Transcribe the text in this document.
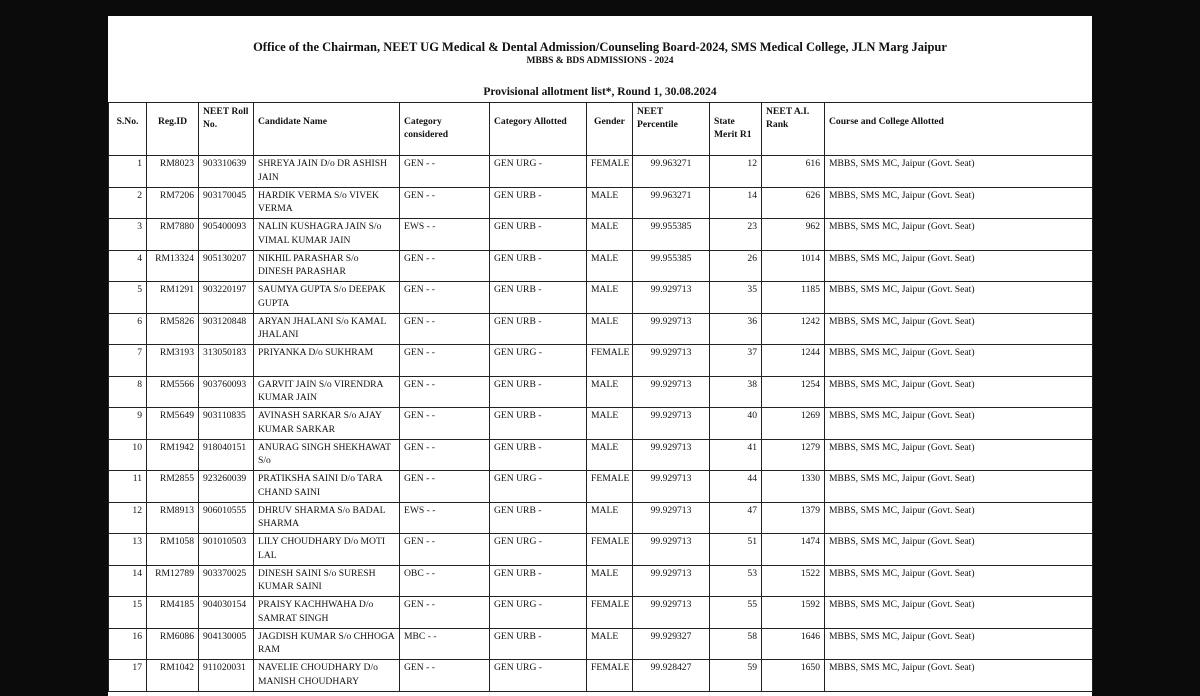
Office of the Chairman, NEET UG Medical & Dental Admission/Counseling Board-2024, SMS Medical College, JLN Marg Jaipur
MBBS & BDS ADMISSIONS - 2024
Provisional allotment list*, Round 1, 30.08.2024
S.No.	Reg.ID	NEET Roll No.	Candidate Name	Category considered	Category Allotted	Gender	NEET Percentile	State Merit R1	NEET A.I. Rank	Course and College Allotted
1	RM8023	903310639	SHREYA JAIN D/o DR ASHISH JAIN	GEN - -	GEN URG -	FEMALE	99.963271	12	616	MBBS, SMS MC, Jaipur (Govt. Seat)
2	RM7206	903170045	HARDIK VERMA S/o VIVEK VERMA	GEN - -	GEN URB -	MALE	99.963271	14	626	MBBS, SMS MC, Jaipur (Govt. Seat)
3	RM7880	905400093	NALIN KUSHAGRA JAIN S/o VIMAL KUMAR JAIN	EWS - -	GEN URB -	MALE	99.955385	23	962	MBBS, SMS MC, Jaipur (Govt. Seat)
4	RM13324	905130207	NIKHIL PARASHAR S/o DINESH PARASHAR	GEN - -	GEN URB -	MALE	99.955385	26	1014	MBBS, SMS MC, Jaipur (Govt. Seat)
5	RM1291	903220197	SAUMYA GUPTA S/o DEEPAK GUPTA	GEN - -	GEN URB -	MALE	99.929713	35	1185	MBBS, SMS MC, Jaipur (Govt. Seat)
6	RM5826	903120848	ARYAN JHALANI S/o KAMAL JHALANI	GEN - -	GEN URB -	MALE	99.929713	36	1242	MBBS, SMS MC, Jaipur (Govt. Seat)
7	RM3193	313050183	PRIYANKA D/o SUKHRAM	GEN - -	GEN URG -	FEMALE	99.929713	37	1244	MBBS, SMS MC, Jaipur (Govt. Seat)
8	RM5566	903760093	GARVIT JAIN S/o VIRENDRA KUMAR JAIN	GEN - -	GEN URB -	MALE	99.929713	38	1254	MBBS, SMS MC, Jaipur (Govt. Seat)
9	RM5649	903110835	AVINASH SARKAR S/o AJAY KUMAR SARKAR	GEN - -	GEN URB -	MALE	99.929713	40	1269	MBBS, SMS MC, Jaipur (Govt. Seat)
10	RM1942	918040151	ANURAG SINGH SHEKHAWAT S/o	GEN - -	GEN URB -	MALE	99.929713	41	1279	MBBS, SMS MC, Jaipur (Govt. Seat)
11	RM2855	923260039	PRATIKSHA SAINI D/o TARA CHAND SAINI	GEN - -	GEN URG -	FEMALE	99.929713	44	1330	MBBS, SMS MC, Jaipur (Govt. Seat)
12	RM8913	906010555	DHRUV SHARMA S/o BADAL SHARMA	EWS - -	GEN URB -	MALE	99.929713	47	1379	MBBS, SMS MC, Jaipur (Govt. Seat)
13	RM1058	901010503	LILY CHOUDHARY D/o MOTI LAL	GEN - -	GEN URG -	FEMALE	99.929713	51	1474	MBBS, SMS MC, Jaipur (Govt. Seat)
14	RM12789	903370025	DINESH SAINI S/o SURESH KUMAR SAINI	OBC - -	GEN URB -	MALE	99.929713	53	1522	MBBS, SMS MC, Jaipur (Govt. Seat)
15	RM4185	904030154	PRAISY KACHHWAHA D/o SAMRAT SINGH	GEN - -	GEN URG -	FEMALE	99.929713	55	1592	MBBS, SMS MC, Jaipur (Govt. Seat)
16	RM6086	904130005	JAGDISH KUMAR S/o CHHOGA RAM	MBC - -	GEN URB -	MALE	99.929327	58	1646	MBBS, SMS MC, Jaipur (Govt. Seat)
17	RM1042	911020031	NAVELIE CHOUDHARY D/o MANISH CHOUDHARY	GEN - -	GEN URG -	FEMALE	99.928427	59	1650	MBBS, SMS MC, Jaipur (Govt. Seat)
